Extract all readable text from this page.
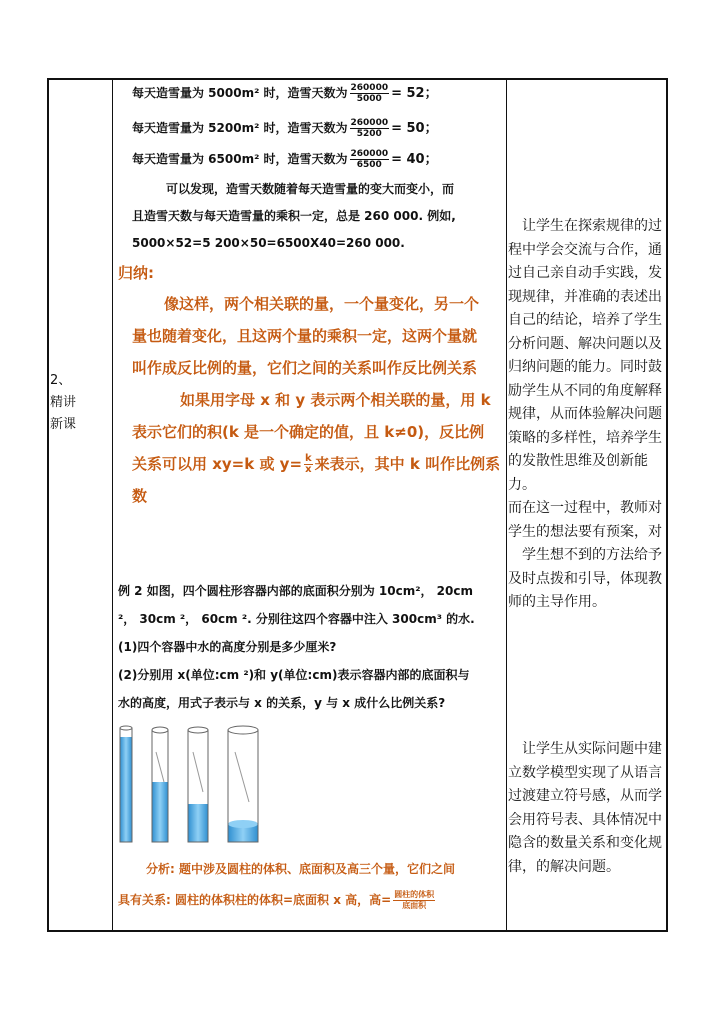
2、
精讲
新课
每天造雪量为 5000m² 时，造雪天数为 $\frac{260000}{5000} = 52$；
每天造雪量为 5200m² 时，造雪天数为 $\frac{260000}{5200} = 50$；
每天造雪量为 6500m² 时，造雪天数为 $\frac{260000}{6500} = 40$；
可以发现，造雪天数随着每天造雪量的变大而变小，而
且造雪天数与每天造雪量的乘积一定，总是 260 000. 例如,
5000×52=5 200×50=6500X40=260 000.
归纳:
像这样，两个相关联的量，一个量变化，另一个
量也随着变化，且这两个量的乘积一定，这两个量就
叫作成反比例的量，它们之间的关系叫作反比例关系
如果用字母 x 和 y 表示两个相关联的量，用 k
表示它们的积(k 是一个确定的值，且 k≠0)，反比例
关系可以用 xy=k 或 $y= \frac{k}{x}$ 来表示，其中 k 叫作比例系
数
例 2 如图，四个圆柱形容器内部的底面积分别为 10cm²， 20cm
²， 30cm ²， 60cm ². 分别往这四个容器中注入 300cm³ 的水.
(1)四个容器中水的高度分别是多少厘米?
(2)分别用 x(单位:cm ²)和 y(单位:cm)表示容器内部的底面积与
水的高度，用式子表示与 x 的关系，y 与 x 成什么比例关系?
分析: 题中涉及圆柱的体积、底面积及高三个量，它们之间
具有关系: 圆柱的体积柱的体积=底面积 x 高，高= $\frac{\text{圆柱的体积}}{\text{底面积}}$
　让学生在探索规律的过
程中学会交流与合作，通
过自己亲自动手实践，发
现规律，并准确的表述出
自己的结论，培养了学生
分析问题、解决问题以及
归纳问题的能力。同时鼓
励学生从不同的角度解释
规律，从而体验解决问题
策略的多样性，培养学生
的发散性思维及创新能力。
而在这一过程中，教师对
学生的想法要有预案，对
　学生想不到的方法给予
及时点拨和引导，体现教
师的主导作用。
　让学生从实际问题中建
立数学模型实现了从语言
过渡建立符号感，从而学
会用符号表、具体情况中
隐含的数量关系和变化规
律，的解决问题。
